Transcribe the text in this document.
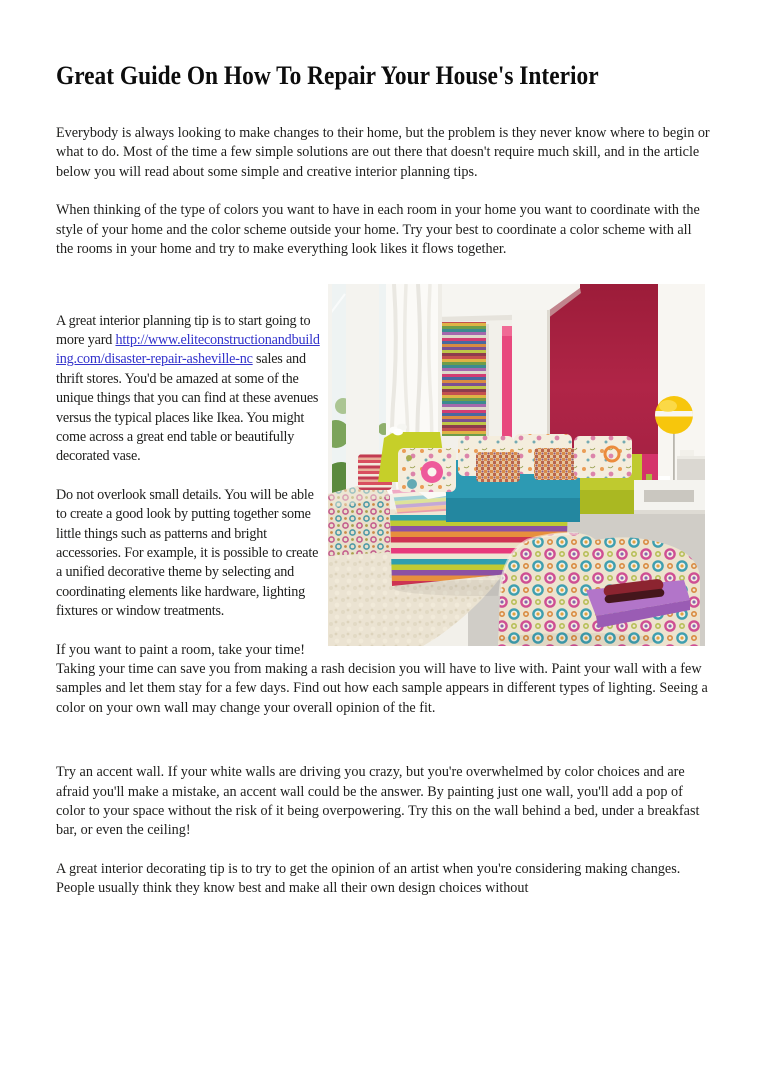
Great Guide On How To Repair Your House's Interior

Everybody is always looking to make changes to their home, but the problem is they never know where to begin or what to do. Most of the time a few simple solutions are out there that doesn't require much skill, and in the article below you will read about some simple and creative interior planning tips.

When thinking of the type of colors you want to have in each room in your home you want to coordinate with the style of your home and the color scheme outside your home. Try your best to coordinate a color scheme with all the rooms in your home and try to make everything look likes it flows together.

A great interior planning tip is to start going to more yard http://www.eliteconstructionandbuilding.com/disaster-repair-asheville-nc sales and thrift stores. You'd be amazed at some of the unique things that you can find at these avenues versus the typical places like Ikea. You might come across a great end table or beautifully decorated vase.

Do not overlook small details. You will be able to create a good look by putting together some little things such as patterns and bright accessories. For example, it is possible to create a unified decorative theme by selecting and coordinating elements like hardware, lighting fixtures or window treatments.

If you want to paint a room, take your time! Taking your time can save you from making a rash decision you will have to live with. Paint your wall with a few samples and let them stay for a few days. Find out how each sample appears in different types of lighting. Seeing a color on your own wall may change your overall opinion of the fit.

Try an accent wall. If your white walls are driving you crazy, but you're overwhelmed by color choices and are afraid you'll make a mistake, an accent wall could be the answer. By painting just one wall, you'll add a pop of color to your space without the risk of it being overpowering. Try this on the wall behind a bed, under a breakfast bar, or even the ceiling!

A great interior decorating tip is to try to get the opinion of an artist when you're considering making changes. People usually think they know best and make all their own design choices without
